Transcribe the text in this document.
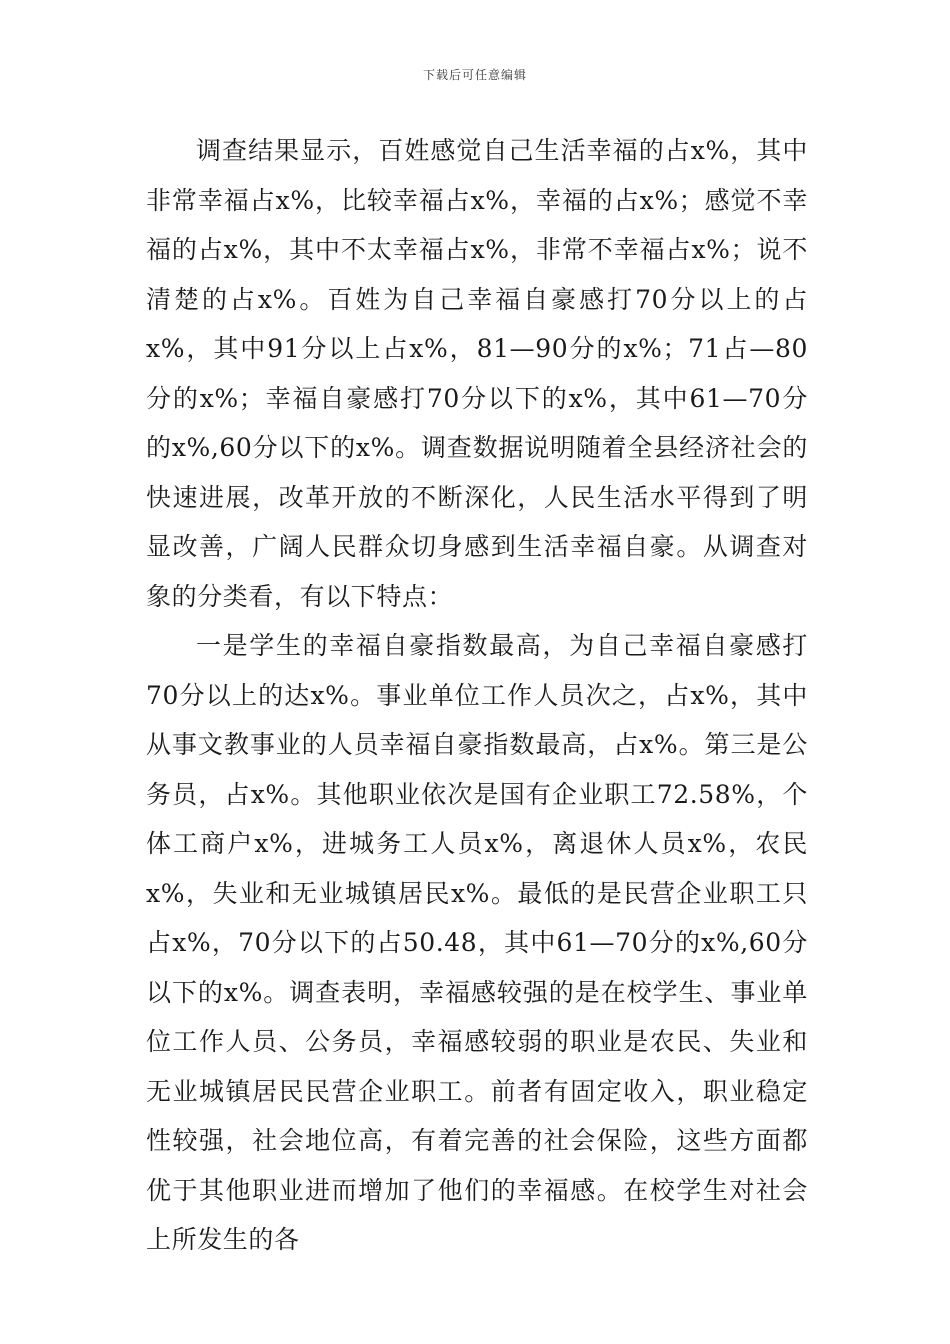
下载后可任意编辑

调查结果显示，百姓感觉自己生活幸福的占x%，其中非常幸福占x%，比较幸福占x%，幸福的占x%；感觉不幸福的占x%，其中不太幸福占x%，非常不幸福占x%；说不清楚的占x%。百姓为自己幸福自豪感打70分以上的占x%，其中91分以上占x%，81—90分的x%；71占—80分的x%；幸福自豪感打70分以下的x%，其中61—70分的x%,60分以下的x%。调查数据说明随着全县经济社会的快速进展，改革开放的不断深化，人民生活水平得到了明显改善，广阔人民群众切身感到生活幸福自豪。从调查对象的分类看，有以下特点：

一是学生的幸福自豪指数最高，为自己幸福自豪感打70分以上的达x%。事业单位工作人员次之，占x%，其中从事文教事业的人员幸福自豪指数最高，占x%。第三是公务员，占x%。其他职业依次是国有企业职工72.58%，个体工商户x%，进城务工人员x%，离退休人员x%，农民x%，失业和无业城镇居民x%。最低的是民营企业职工只占x%，70分以下的占50.48，其中61—70分的x%,60分以下的x%。调查表明，幸福感较强的是在校学生、事业单位工作人员、公务员，幸福感较弱的职业是农民、失业和无业城镇居民民营企业职工。前者有固定收入，职业稳定性较强，社会地位高，有着完善的社会保险，这些方面都优于其他职业进而增加了他们的幸福感。在校学生对社会上所发生的各
